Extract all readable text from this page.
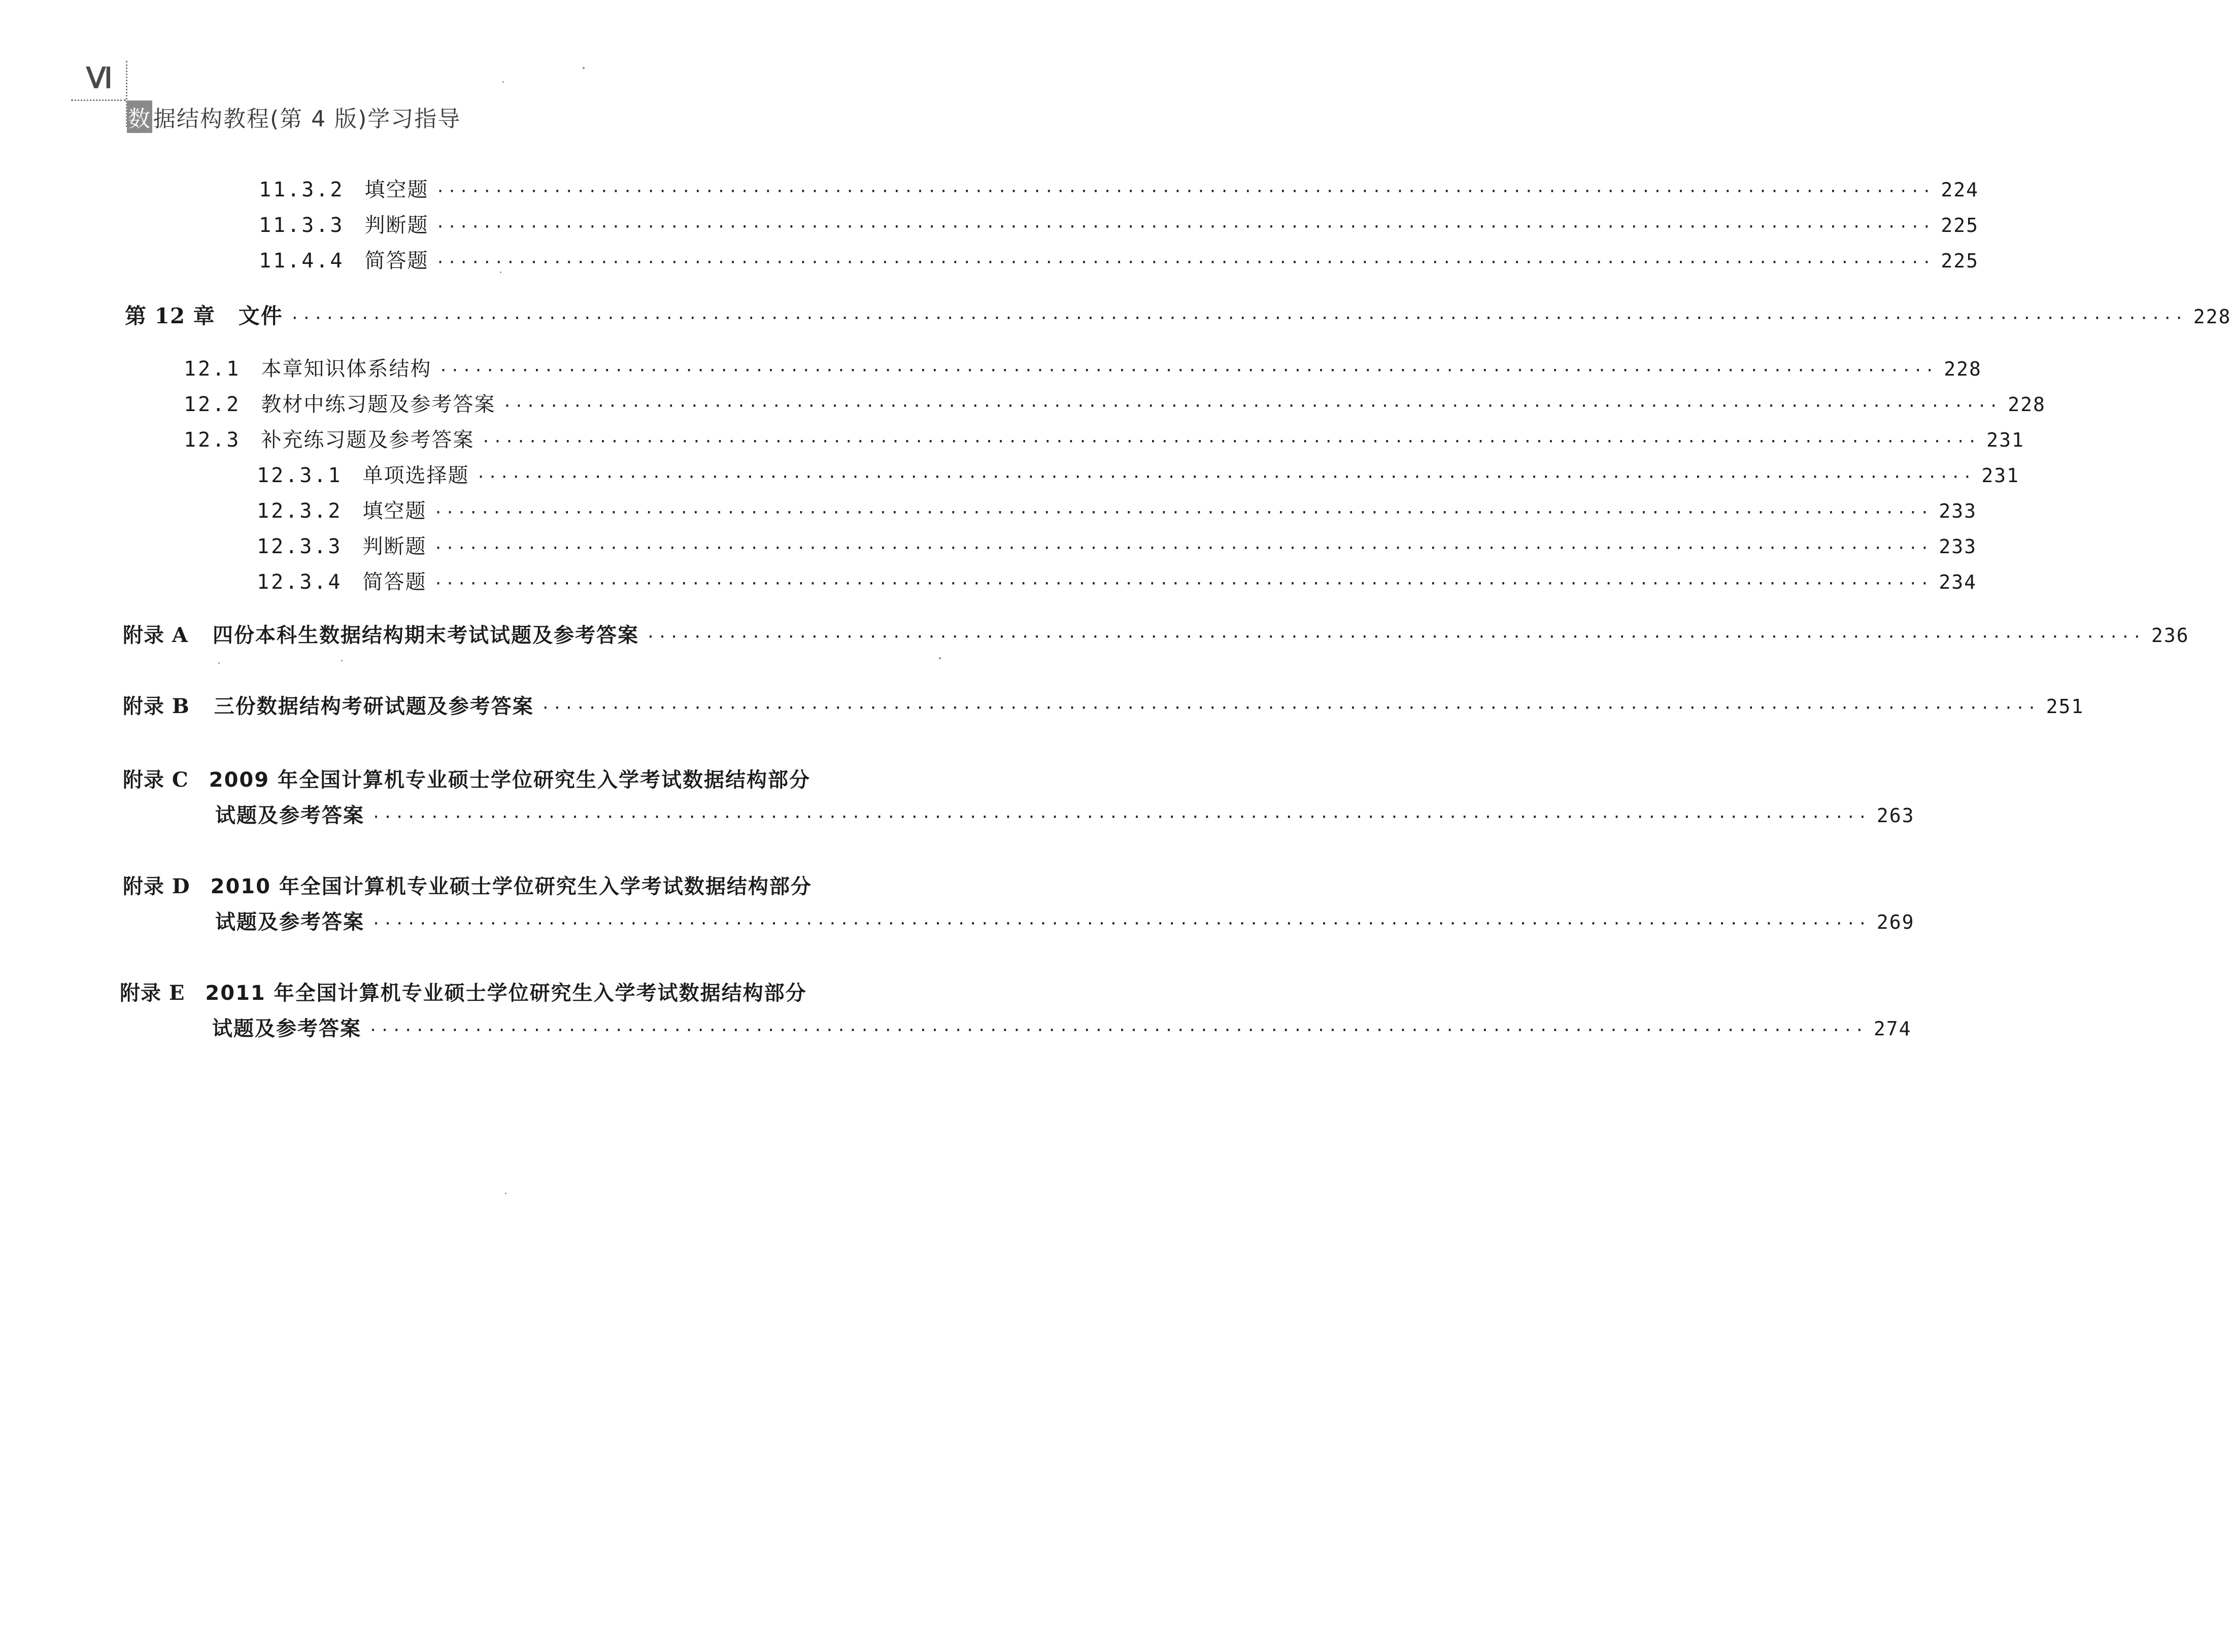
Ⅵ
数 据结构教程(第 4 版)学习指导
11.3.2 填空题 ································································································································ 224
11.3.3 判断题 ································································································································ 225
11.4.4 简答题 ································································································································ 225
第 12 章 文件 ·································································································································································· 228
12.1 本章知识体系结构 ································································································································ 228
12.2 教材中练习题及参考答案 ································································································································ 228
12.3 补充练习题及参考答案 ································································································································ 231
12.3.1 单项选择题 ································································································································ 231
12.3.2 填空题 ································································································································ 233
12.3.3 判断题 ································································································································ 233
12.3.4 简答题 ································································································································ 234
附录 A 四份本科生数据结构期末考试试题及参考答案 ································································································································ 236
附录 B 三份数据结构考研试题及参考答案 ································································································································ 251
附录 C 2009 年全国计算机专业硕士学位研究生入学考试数据结构部分
试题及参考答案 ································································································································ 263
附录 D 2010 年全国计算机专业硕士学位研究生入学考试数据结构部分
试题及参考答案 ································································································································ 269
附录 E 2011 年全国计算机专业硕士学位研究生入学考试数据结构部分
试题及参考答案 ································································································································ 274
